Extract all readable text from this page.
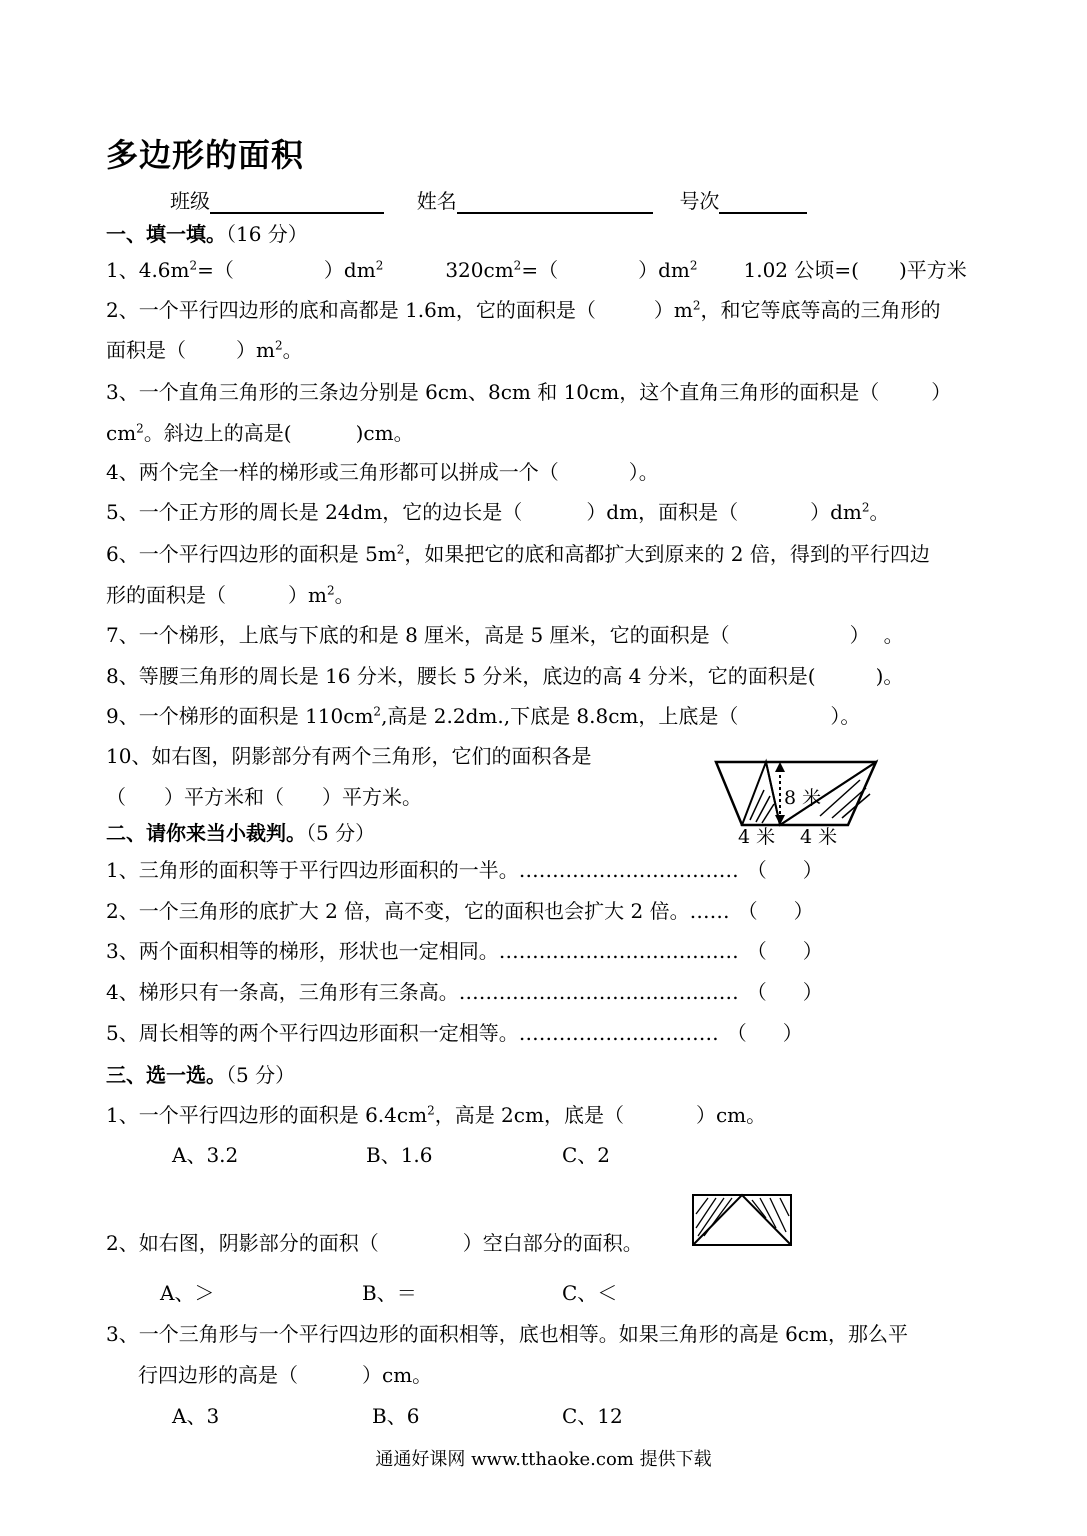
多边形的面积
班级	姓名	号次
一、填一填。（16 分）
1、$4.6m^2=$（	）$dm^2$	$320cm^2=$（	）$dm^2$ 1.02 公顷=( )平方米
2、一个平行四边形的底和高都是 1.6m，它的面积是（	）$m^2$，和它等底等高的三角形的
面积是（	）$m^2$。
3、一个直角三角形的三条边分别是 6cm、8cm 和 10cm，这个直角三角形的面积是（	）
$cm^2$。斜边上的高是(	)cm。
4、两个完全一样的梯形或三角形都可以拼成一个（	）。
5、一个正方形的周长是 24dm，它的边长是（	）dm，面积是（	）$dm^2$。
6、一个平行四边形的面积是 $5m^2$，如果把它的底和高都扩大到原来的 2 倍，得到的平行四边
形的面积是（	）$m^2$。
7、一个梯形，上底与下底的和是 8 厘米，高是 5 厘米，它的面积是（	） 。
8、等腰三角形的周长是 16 分米，腰长 5 分米，底边的高 4 分米，它的面积是(	)。
9、一个梯形的面积是 $110cm^2$,高是 2.2dm.,下底是 8.8cm，上底是（	）。
10、如右图，阴影部分有两个三角形，它们的面积各是
（ ）平方米和（ ）平方米。	8 米
4 米 4 米
二、请你来当小裁判。（5 分）
1、三角形的面积等于平行四边形面积的一半。…………………………… （ ）
2、一个三角形的底扩大 2 倍，高不变，它的面积也会扩大 2 倍。…… （ ）
3、两个面积相等的梯形，形状也一定相同。……………………………… （ ）
4、梯形只有一条高，三角形有三条高。…………………………………… （ ）
5、周长相等的两个平行四边形面积一定相等。………………………… （ ）
三、选一选。（5 分）
1、一个平行四边形的面积是 $6.4cm^2$，高是 2cm，底是（	）cm。
A、3.2	B、1.6	C、2
2、如右图，阴影部分的面积（	）空白部分的面积。
A、＞	B、＝	C、＜
3、一个三角形与一个平行四边形的面积相等，底也相等。如果三角形的高是 6cm，那么平
行四边形的高是（	）cm。
A、3	B、6	C、12
通通好课网 www.tthaoke.com 提供下载
